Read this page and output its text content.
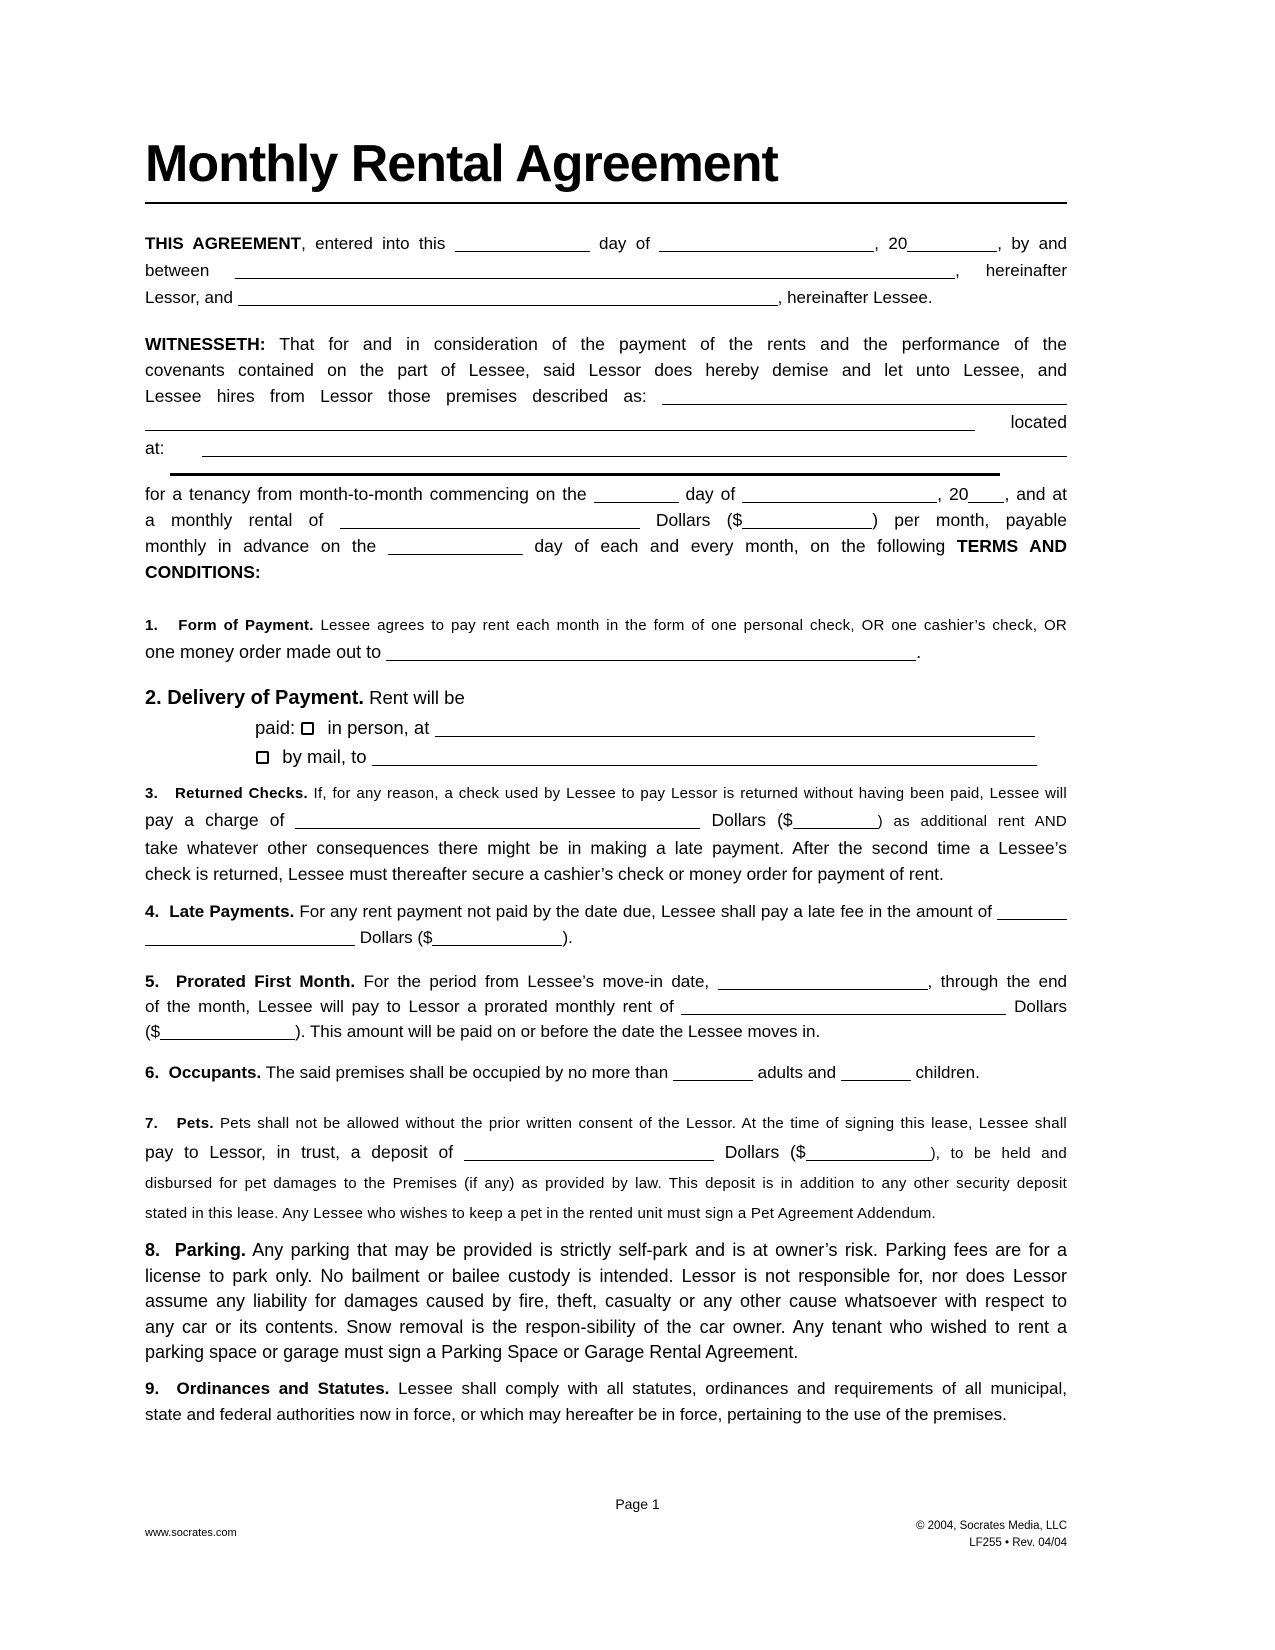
Monthly Rental Agreement
THIS AGREEMENT, entered into this	day of	, 20	, by and
between	, hereinafter
Lessor, and	, hereinafter Lessee.
WITNESSETH: That for and in consideration of the payment of the rents and the performance of the
covenants contained on the part of Lessee, said Lessor does hereby demise and let unto Lessee, and
Lessee hires from Lessor those premises described as:
located
at:
for a tenancy from month-to-month commencing on the	day of	, 20 , and at
a monthly rental of	Dollars ($	) per month, payable
monthly in advance on the	day of each and every month, on the following TERMS AND CONDITIONS:
1.   Form of Payment. Lessee agrees to pay rent each month in the form of one personal check, OR one cashier’s check, OR
one money order made out to	.
2. Delivery of Payment. Rent will be
paid:   in person, at
by mail, to
3.   Returned Checks. If, for any reason, a check used by Lessee to pay Lessor is returned without having been paid, Lessee will
pay a charge of	Dollars ($	) as additional rent AND
take whatever other consequences there might be in making a late payment. After the second time a Lessee’s
check is returned, Lessee must thereafter secure a cashier’s check or money order for payment of rent.
4.  Late Payments. For any rent payment not paid by the date due, Lessee shall pay a late fee in the amount of
Dollars ($	).
5.  Prorated First Month. For the period from Lessee’s move-in date,	, through the end
of the month, Lessee will pay to Lessor a prorated monthly rent of	Dollars
($	). This amount will be paid on or before the date the Lessee moves in.
6.  Occupants. The said premises shall be occupied by no more than	adults and	children.
7.   Pets. Pets shall not be allowed without the prior written consent of the Lessor. At the time of signing this lease, Lessee shall
pay to Lessor, in trust, a deposit of	Dollars ($	), to be held and
disbursed for pet damages to the Premises (if any) as provided by law. This deposit is in addition to any other security deposit
stated in this lease. Any Lessee who wishes to keep a pet in the rented unit must sign a Pet Agreement Addendum.
8.  Parking. Any parking that may be provided is strictly self-park and is at owner’s risk. Parking fees are for a
license to park only. No bailment or bailee custody is intended. Lessor is not responsible for, nor does Lessor
assume any liability for damages caused by fire, theft, casualty or any other cause whatsoever with respect to
any car or its contents. Snow removal is the respon-sibility of the car owner. Any tenant who wished to rent a
parking space or garage must sign a Parking Space or Garage Rental Agreement.
9.  Ordinances and Statutes. Lessee shall comply with all statutes, ordinances and requirements of all municipal,
state and federal authorities now in force, or which may hereafter be in force, pertaining to the use of the premises.
Page 1
www.socrates.com
© 2004, Socrates Media, LLC
LF255 • Rev. 04/04
